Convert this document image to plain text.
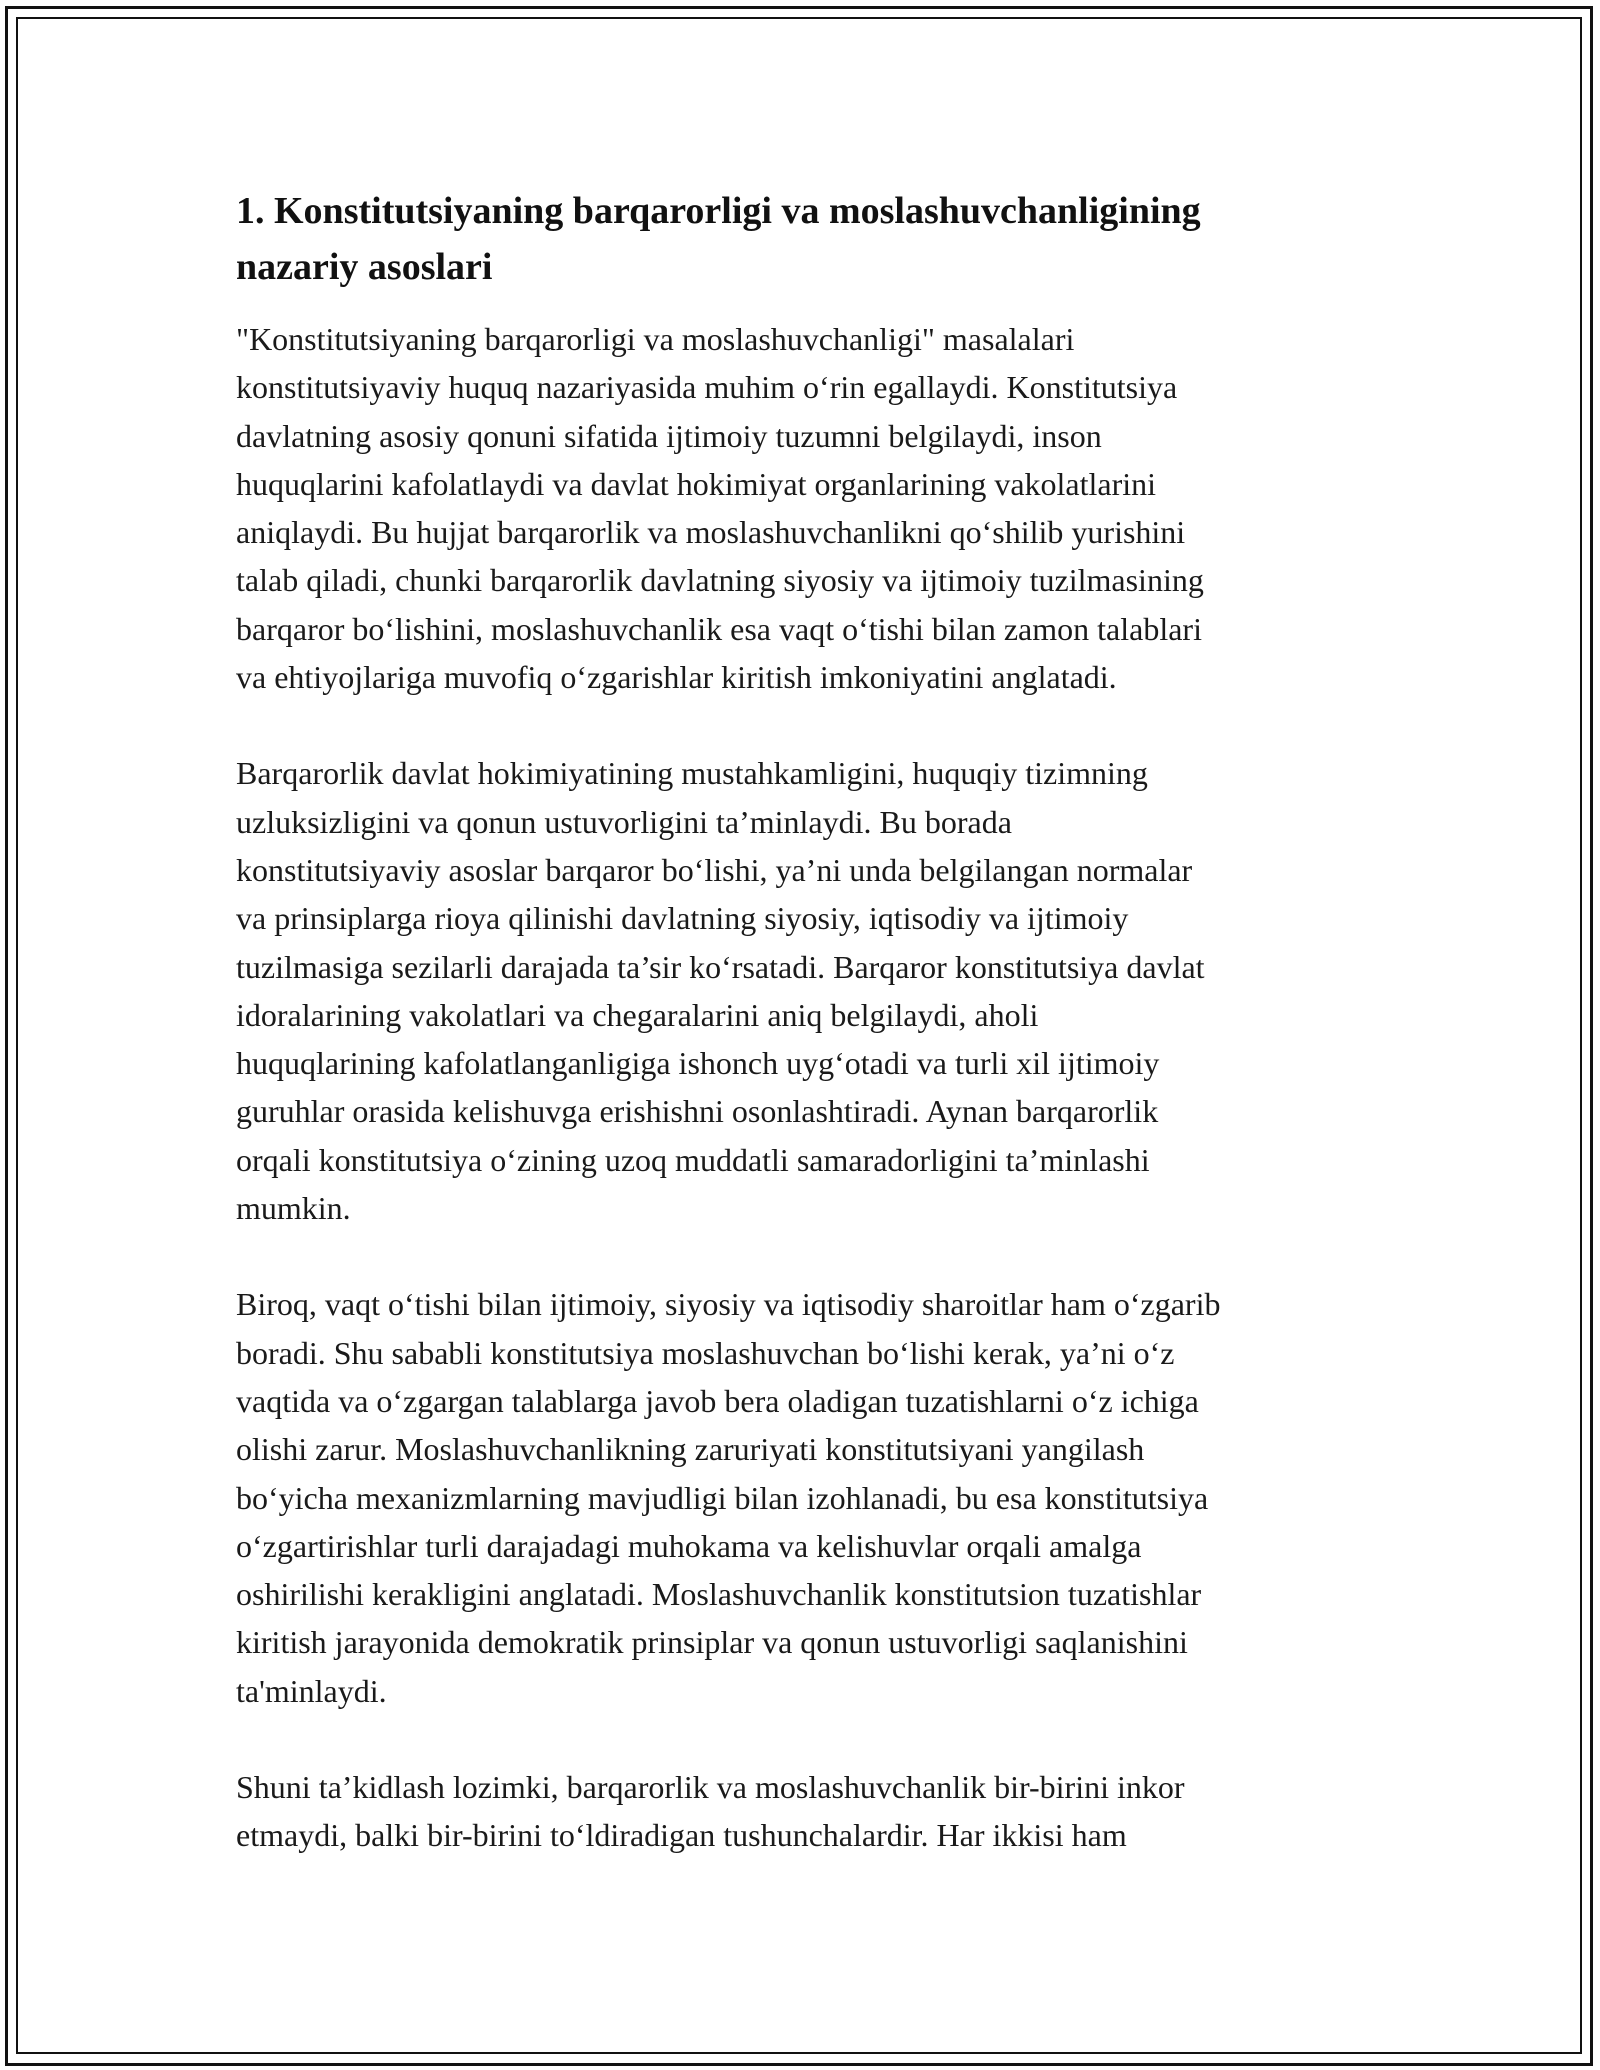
1. Konstitutsiyaning barqarorligi va moslashuvchanligining
nazariy asoslari
"Konstitutsiyaning barqarorligi va moslashuvchanligi" masalalari
konstitutsiyaviy huquq nazariyasida muhim o‘rin egallaydi. Konstitutsiya
davlatning asosiy qonuni sifatida ijtimoiy tuzumni belgilaydi, inson
huquqlarini kafolatlaydi va davlat hokimiyat organlarining vakolatlarini
aniqlaydi. Bu hujjat barqarorlik va moslashuvchanlikni qo‘shilib yurishini
talab qiladi, chunki barqarorlik davlatning siyosiy va ijtimoiy tuzilmasining
barqaror bo‘lishini, moslashuvchanlik esa vaqt o‘tishi bilan zamon talablari
va ehtiyojlariga muvofiq o‘zgarishlar kiritish imkoniyatini anglatadi.
Barqarorlik davlat hokimiyatining mustahkamligini, huquqiy tizimning
uzluksizligini va qonun ustuvorligini ta’minlaydi. Bu borada
konstitutsiyaviy asoslar barqaror bo‘lishi, ya’ni unda belgilangan normalar
va prinsiplarga rioya qilinishi davlatning siyosiy, iqtisodiy va ijtimoiy
tuzilmasiga sezilarli darajada ta’sir ko‘rsatadi. Barqaror konstitutsiya davlat
idoralarining vakolatlari va chegaralarini aniq belgilaydi, aholi
huquqlarining kafolatlanganligiga ishonch uyg‘otadi va turli xil ijtimoiy
guruhlar orasida kelishuvga erishishni osonlashtiradi. Aynan barqarorlik
orqali konstitutsiya o‘zining uzoq muddatli samaradorligini ta’minlashi
mumkin.
Biroq, vaqt o‘tishi bilan ijtimoiy, siyosiy va iqtisodiy sharoitlar ham o‘zgarib
boradi. Shu sababli konstitutsiya moslashuvchan bo‘lishi kerak, ya’ni o‘z
vaqtida va o‘zgargan talablarga javob bera oladigan tuzatishlarni o‘z ichiga
olishi zarur. Moslashuvchanlikning zaruriyati konstitutsiyani yangilash
bo‘yicha mexanizmlarning mavjudligi bilan izohlanadi, bu esa konstitutsiya
o‘zgartirishlar turli darajadagi muhokama va kelishuvlar orqali amalga
oshirilishi kerakligini anglatadi. Moslashuvchanlik konstitutsion tuzatishlar
kiritish jarayonida demokratik prinsiplar va qonun ustuvorligi saqlanishini
ta'minlaydi.
Shuni ta’kidlash lozimki, barqarorlik va moslashuvchanlik bir-birini inkor
etmaydi, balki bir-birini to‘ldiradigan tushunchalardir. Har ikkisi ham
